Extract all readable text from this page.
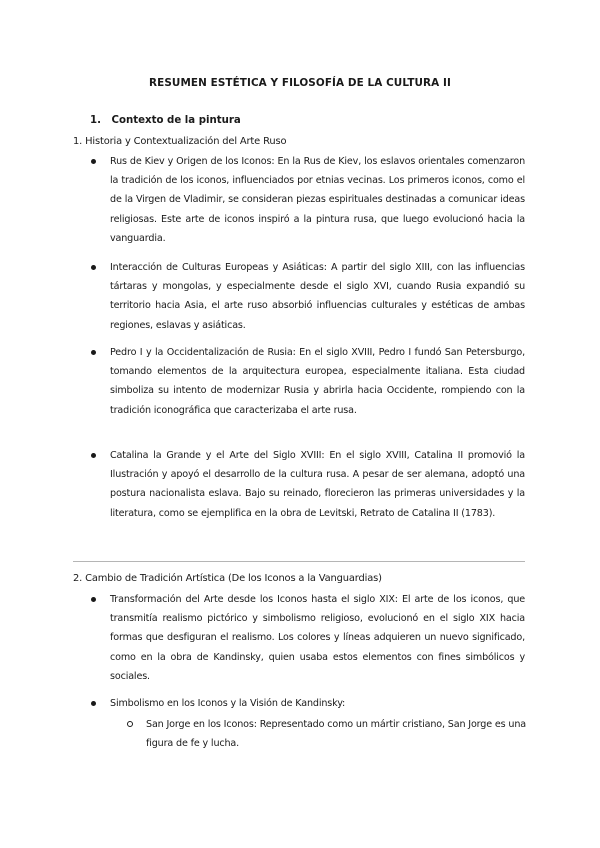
RESUMEN ESTÉTICA Y FILOSOFÍA DE LA CULTURA II
1. Contexto de la pintura
1. Historia y Contextualización del Arte Ruso
Rus de Kiev y Origen de los Iconos: En la Rus de Kiev, los eslavos orientales comenzaron la tradición de los iconos, influenciados por etnias vecinas. Los primeros iconos, como el de la Virgen de Vladimir, se consideran piezas espirituales destinadas a comunicar ideas religiosas. Este arte de iconos inspiró a la pintura rusa, que luego evolucionó hacia la vanguardia.
Interacción de Culturas Europeas y Asiáticas: A partir del siglo XIII, con las influencias tártaras y mongolas, y especialmente desde el siglo XVI, cuando Rusia expandió su territorio hacia Asia, el arte ruso absorbió influencias culturales y estéticas de ambas regiones, eslavas y asiáticas.
Pedro I y la Occidentalización de Rusia: En el siglo XVIII, Pedro I fundó San Petersburgo, tomando elementos de la arquitectura europea, especialmente italiana. Esta ciudad simboliza su intento de modernizar Rusia y abrirla hacia Occidente, rompiendo con la tradición iconográfica que caracterizaba el arte rusa.
Catalina la Grande y el Arte del Siglo XVIII: En el siglo XVIII, Catalina II promovió la Ilustración y apoyó el desarrollo de la cultura rusa. A pesar de ser alemana, adoptó una postura nacionalista eslava. Bajo su reinado, florecieron las primeras universidades y la literatura, como se ejemplifica en la obra de Levitski, Retrato de Catalina II (1783).
2. Cambio de Tradición Artística (De los Iconos a la Vanguardias)
Transformación del Arte desde los Iconos hasta el siglo XIX: El arte de los iconos, que transmitía realismo pictórico y simbolismo religioso, evolucionó en el siglo XIX hacia formas que desfiguran el realismo. Los colores y líneas adquieren un nuevo significado, como en la obra de Kandinsky, quien usaba estos elementos con fines simbólicos y sociales.
Simbolismo en los Iconos y la Visión de Kandinsky:
San Jorge en los Iconos: Representado como un mártir cristiano, San Jorge es una figura de fe y lucha.
